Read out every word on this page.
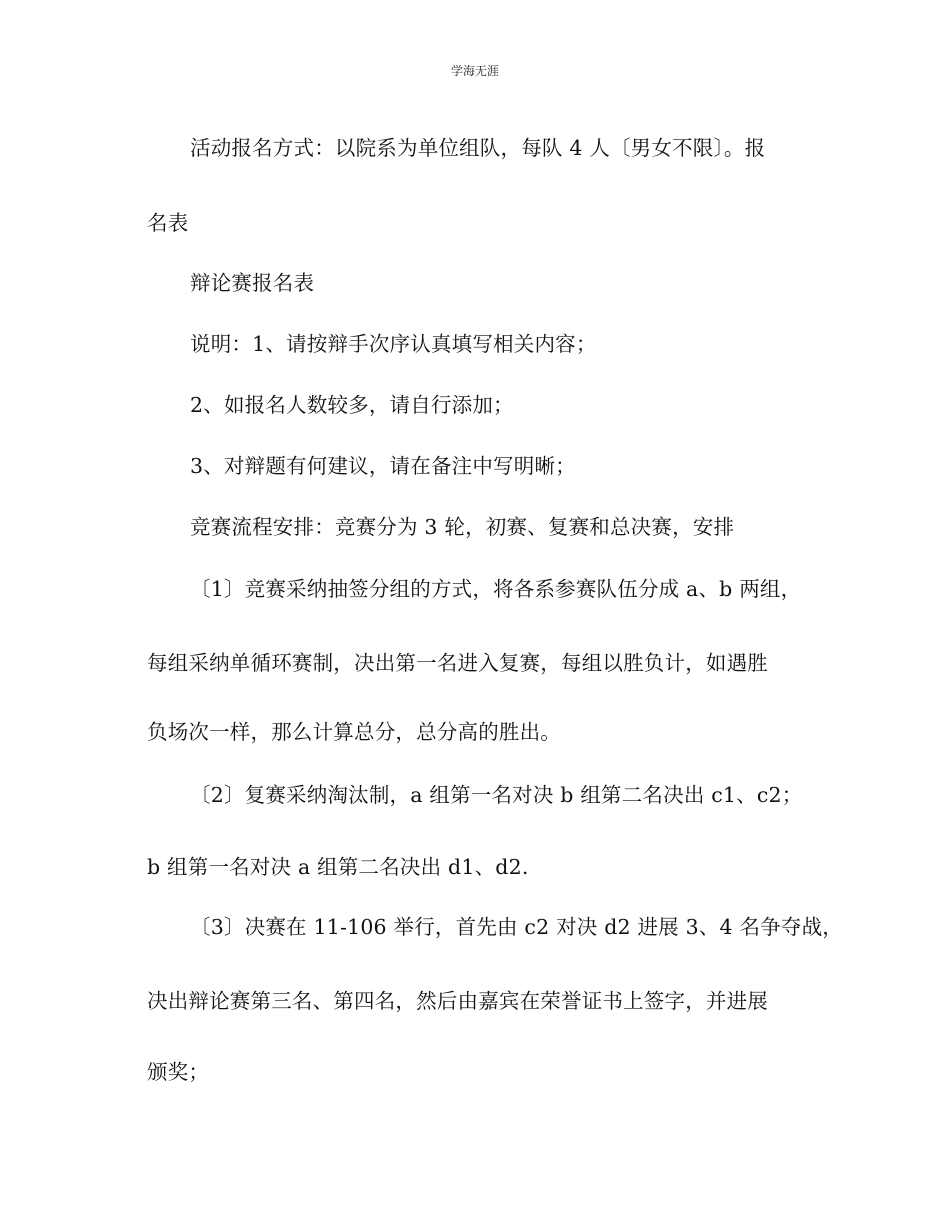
学海无涯
活动报名方式：以院系为单位组队，每队 4 人〔男女不限〕。报
名表
辩论赛报名表
说明：1、请按辩手次序认真填写相关内容；
2、如报名人数较多，请自行添加；
3、对辩题有何建议，请在备注中写明晰；
竞赛流程安排：竞赛分为 3 轮，初赛、复赛和总决赛，安排
〔1〕竞赛采纳抽签分组的方式，将各系参赛队伍分成 a、b 两组，
每组采纳单循环赛制，决出第一名进入复赛，每组以胜负计，如遇胜
负场次一样，那么计算总分，总分高的胜出。
〔2〕复赛采纳淘汰制，a 组第一名对决 b 组第二名决出 c1、c2；
b 组第一名对决 a 组第二名决出 d1、d2.
〔3〕决赛在 11-106 举行，首先由 c2 对决 d2 进展 3、4 名争夺战，
决出辩论赛第三名、第四名，然后由嘉宾在荣誉证书上签字，并进展
颁奖；
